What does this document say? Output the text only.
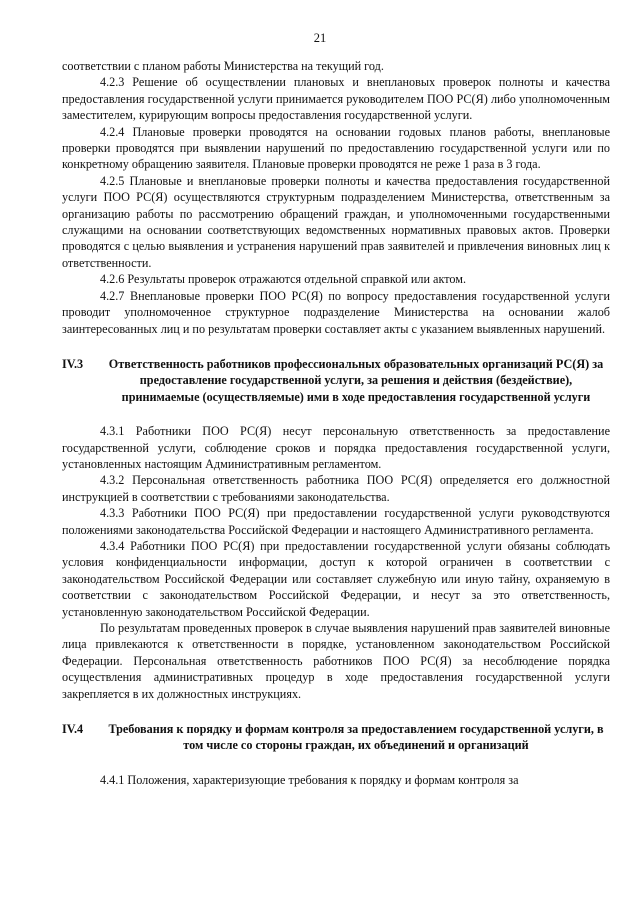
21

соответствии с планом работы Министерства на текущий год.

4.2.3 Решение об осуществлении плановых и внеплановых проверок полноты и качества предоставления государственной услуги принимается руководителем ПОО РС(Я) либо уполномоченным заместителем, курирующим вопросы предоставления государственной услуги.

4.2.4 Плановые проверки проводятся на основании годовых планов работы, внеплановые проверки проводятся при выявлении нарушений по предоставлению государственной услуги или по конкретному обращению заявителя. Плановые проверки проводятся не реже 1 раза в 3 года.

4.2.5 Плановые и внеплановые проверки полноты и качества предоставления государственной услуги ПОО РС(Я) осуществляются структурным подразделением Министерства, ответственным за организацию работы по рассмотрению обращений граждан, и уполномоченными государственными служащими на основании соответствующих ведомственных нормативных правовых актов. Проверки проводятся с целью выявления и устранения нарушений прав заявителей и привлечения виновных лиц к ответственности.

4.2.6 Результаты проверок отражаются отдельной справкой или актом.

4.2.7 Внеплановые проверки ПОО РС(Я) по вопросу предоставления государственной услуги проводит уполномоченное структурное подразделение Министерства на основании жалоб заинтересованных лиц и по результатам проверки составляет акты с указанием выявленных нарушений.

IV.3 Ответственность работников профессиональных образовательных организаций РС(Я) за предоставление государственной услуги, за решения и действия (бездействие), принимаемые (осуществляемые) ими в ходе предоставления государственной услуги

4.3.1 Работники ПОО РС(Я) несут персональную ответственность за предоставление государственной услуги, соблюдение сроков и порядка предоставления государственной услуги, установленных настоящим Административным регламентом.

4.3.2 Персональная ответственность работника ПОО РС(Я) определяется его должностной инструкцией в соответствии с требованиями законодательства.

4.3.3 Работники ПОО РС(Я) при предоставлении государственной услуги руководствуются положениями законодательства Российской Федерации и настоящего Административного регламента.

4.3.4 Работники ПОО РС(Я) при предоставлении государственной услуги обязаны соблюдать условия конфиденциальности информации, доступ к которой ограничен в соответствии с законодательством Российской Федерации или составляет служебную или иную тайну, охраняемую в соответствии с законодательством Российской Федерации, и несут за это ответственность, установленную законодательством Российской Федерации.

По результатам проведенных проверок в случае выявления нарушений прав заявителей виновные лица привлекаются к ответственности в порядке, установленном законодательством Российской Федерации. Персональная ответственность работников ПОО РС(Я) за несоблюдение порядка осуществления административных процедур в ходе предоставления государственной услуги закрепляется в их должностных инструкциях.

IV.4 Требования к порядку и формам контроля за предоставлением государственной услуги, в том числе со стороны граждан, их объединений и организаций

4.4.1 Положения, характеризующие требования к порядку и формам контроля за
